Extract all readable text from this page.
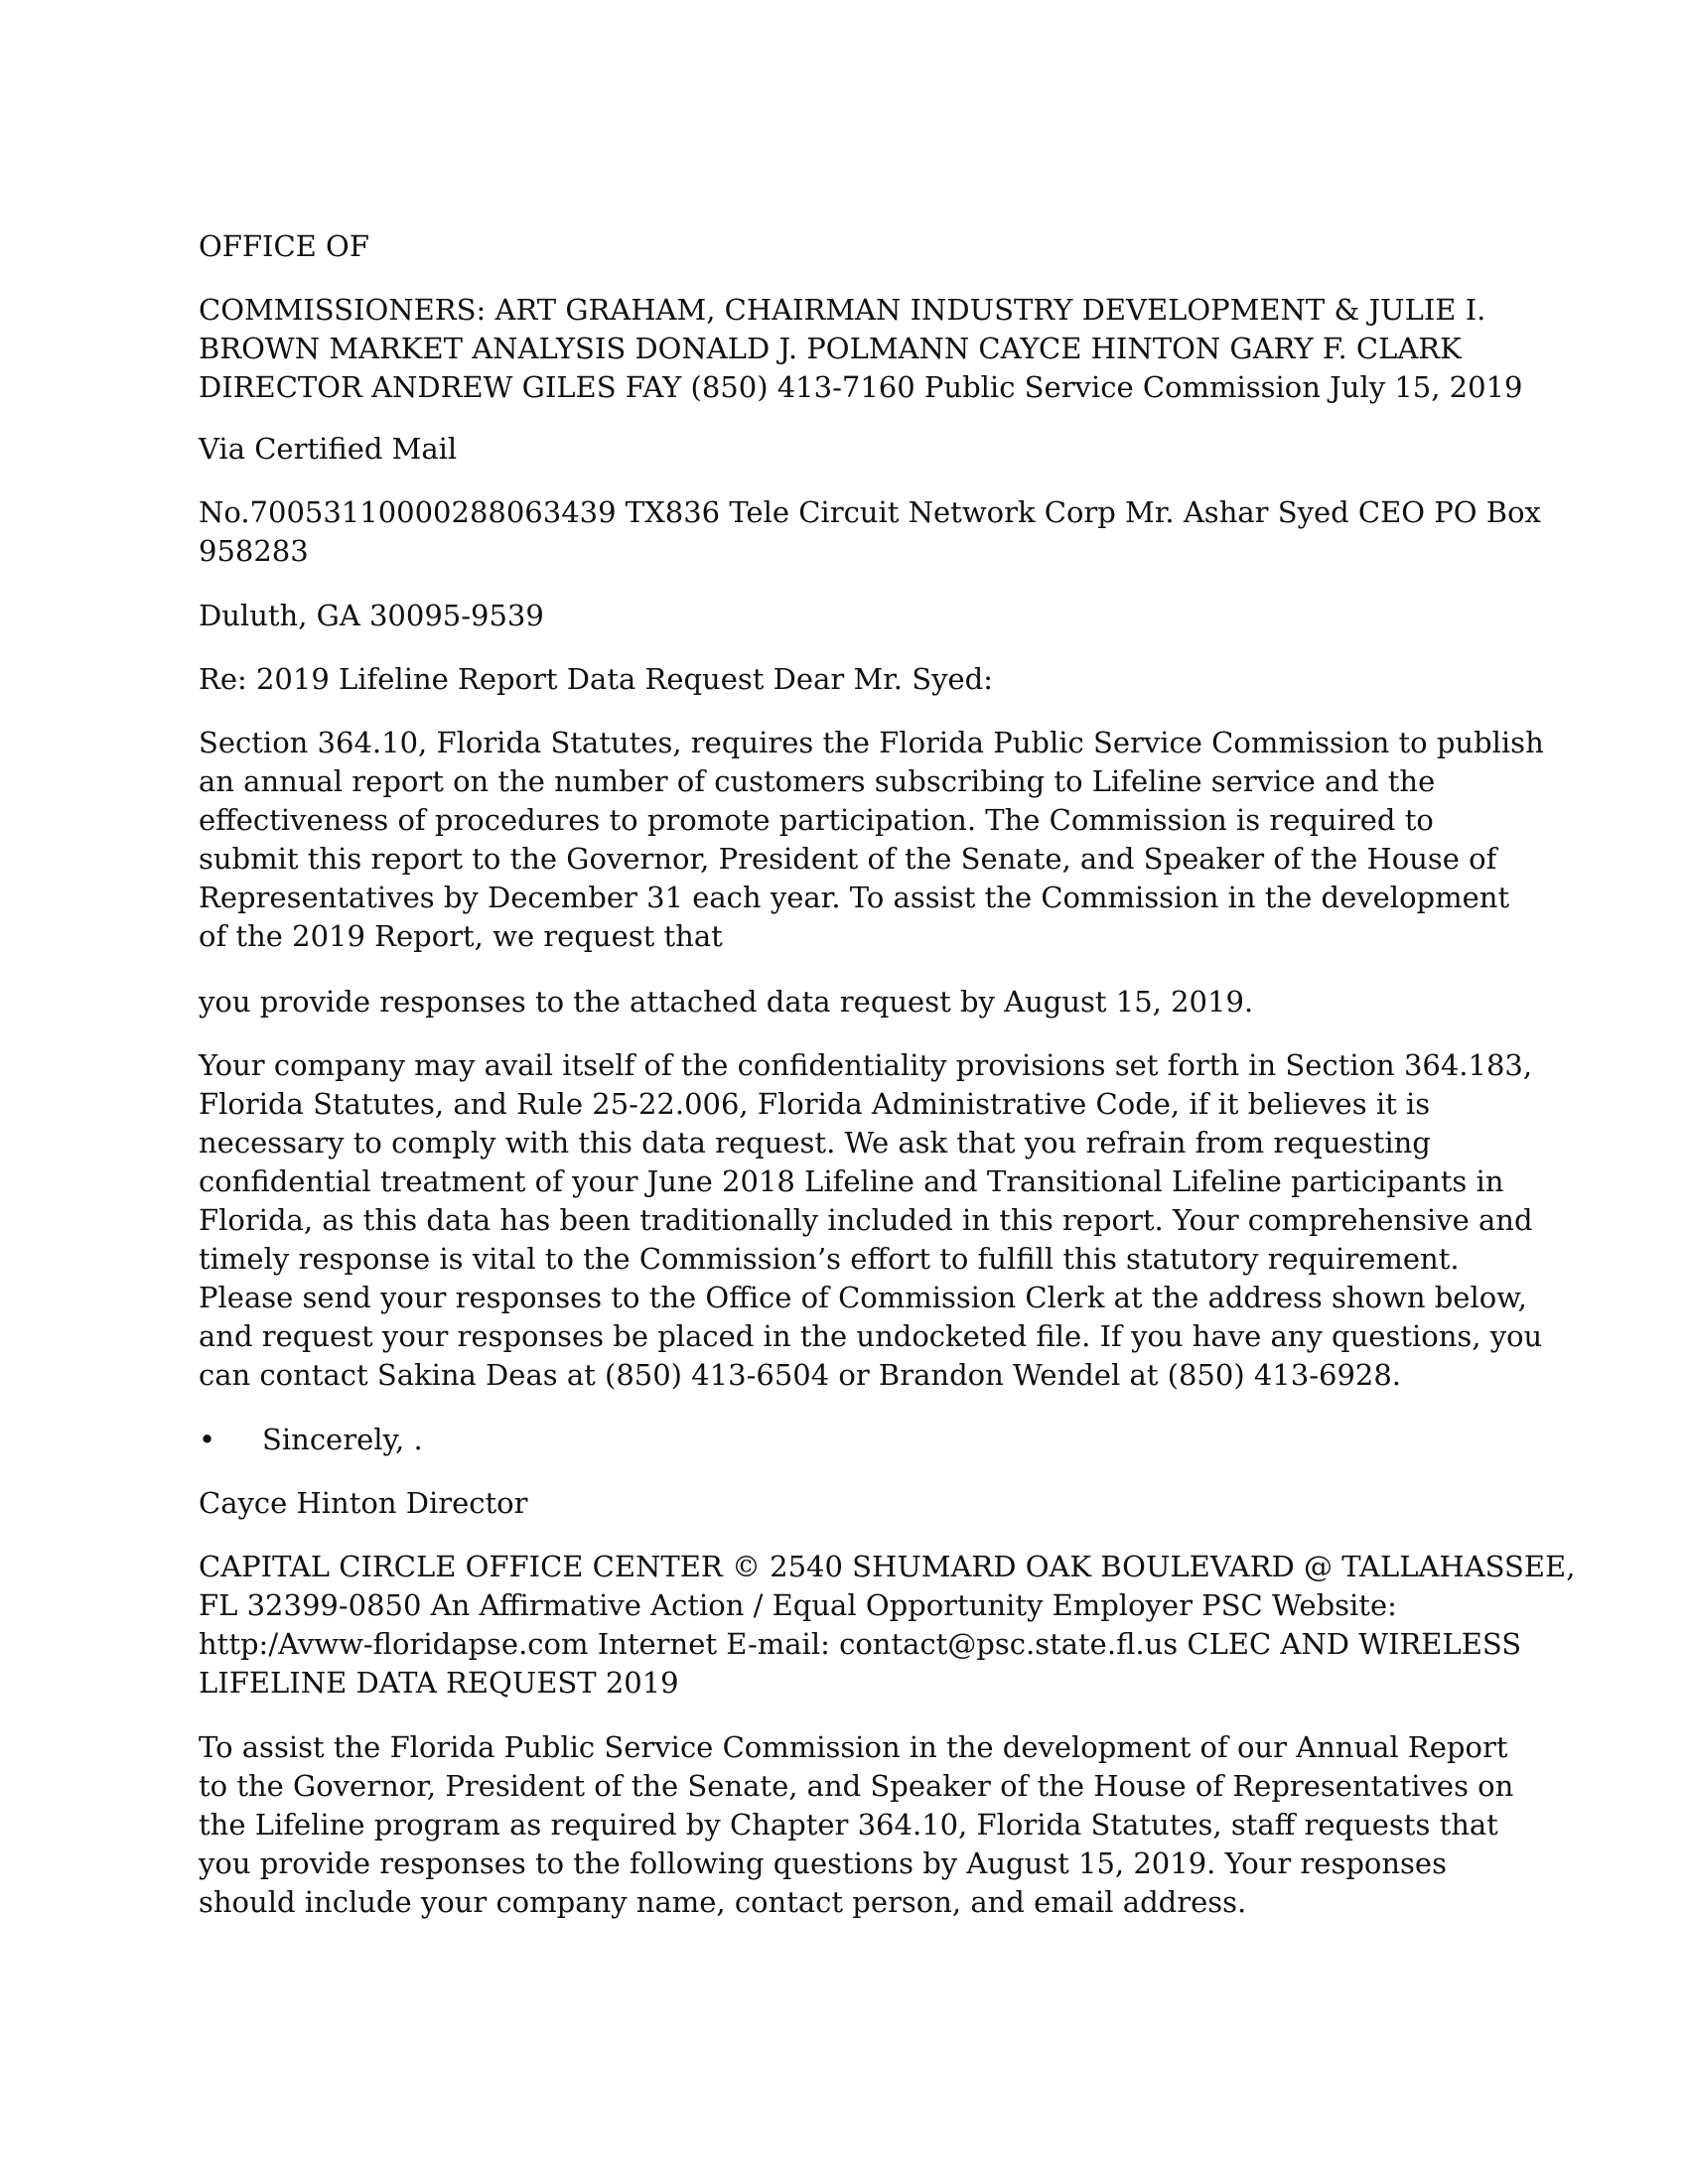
OFFICE OF

COMMISSIONERS: ART GRAHAM, CHAIRMAN INDUSTRY DEVELOPMENT & JULIE I.
BROWN MARKET ANALYSIS DONALD J. POLMANN CAYCE HINTON GARY F. CLARK
DIRECTOR ANDREW GILES FAY (850) 413-7160 Public Service Commission July 15, 2019

Via Certified Mail

No.70053110000288063439 TX836 Tele Circuit Network Corp Mr. Ashar Syed CEO PO Box
958283

Duluth, GA 30095-9539

Re: 2019 Lifeline Report Data Request Dear Mr. Syed:

Section 364.10, Florida Statutes, requires the Florida Public Service Commission to publish
an annual report on the number of customers subscribing to Lifeline service and the
effectiveness of procedures to promote participation. The Commission is required to
submit this report to the Governor, President of the Senate, and Speaker of the House of
Representatives by December 31 each year. To assist the Commission in the development
of the 2019 Report, we request that

you provide responses to the attached data request by August 15, 2019.

Your company may avail itself of the confidentiality provisions set forth in Section 364.183,
Florida Statutes, and Rule 25-22.006, Florida Administrative Code, if it believes it is
necessary to comply with this data request. We ask that you refrain from requesting
confidential treatment of your June 2018 Lifeline and Transitional Lifeline participants in
Florida, as this data has been traditionally included in this report. Your comprehensive and
timely response is vital to the Commission’s effort to fulfill this statutory requirement.
Please send your responses to the Office of Commission Clerk at the address shown below,
and request your responses be placed in the undocketed file. If you have any questions, you
can contact Sakina Deas at (850) 413-6504 or Brandon Wendel at (850) 413-6928.

• Sincerely, .

Cayce Hinton Director

CAPITAL CIRCLE OFFICE CENTER © 2540 SHUMARD OAK BOULEVARD @ TALLAHASSEE,
FL 32399-0850 An Affirmative Action / Equal Opportunity Employer PSC Website:
http:/Avww-floridapse.com Internet E-mail: contact@psc.state.fl.us CLEC AND WIRELESS
LIFELINE DATA REQUEST 2019

To assist the Florida Public Service Commission in the development of our Annual Report
to the Governor, President of the Senate, and Speaker of the House of Representatives on
the Lifeline program as required by Chapter 364.10, Florida Statutes, staff requests that
you provide responses to the following questions by August 15, 2019. Your responses
should include your company name, contact person, and email address.
